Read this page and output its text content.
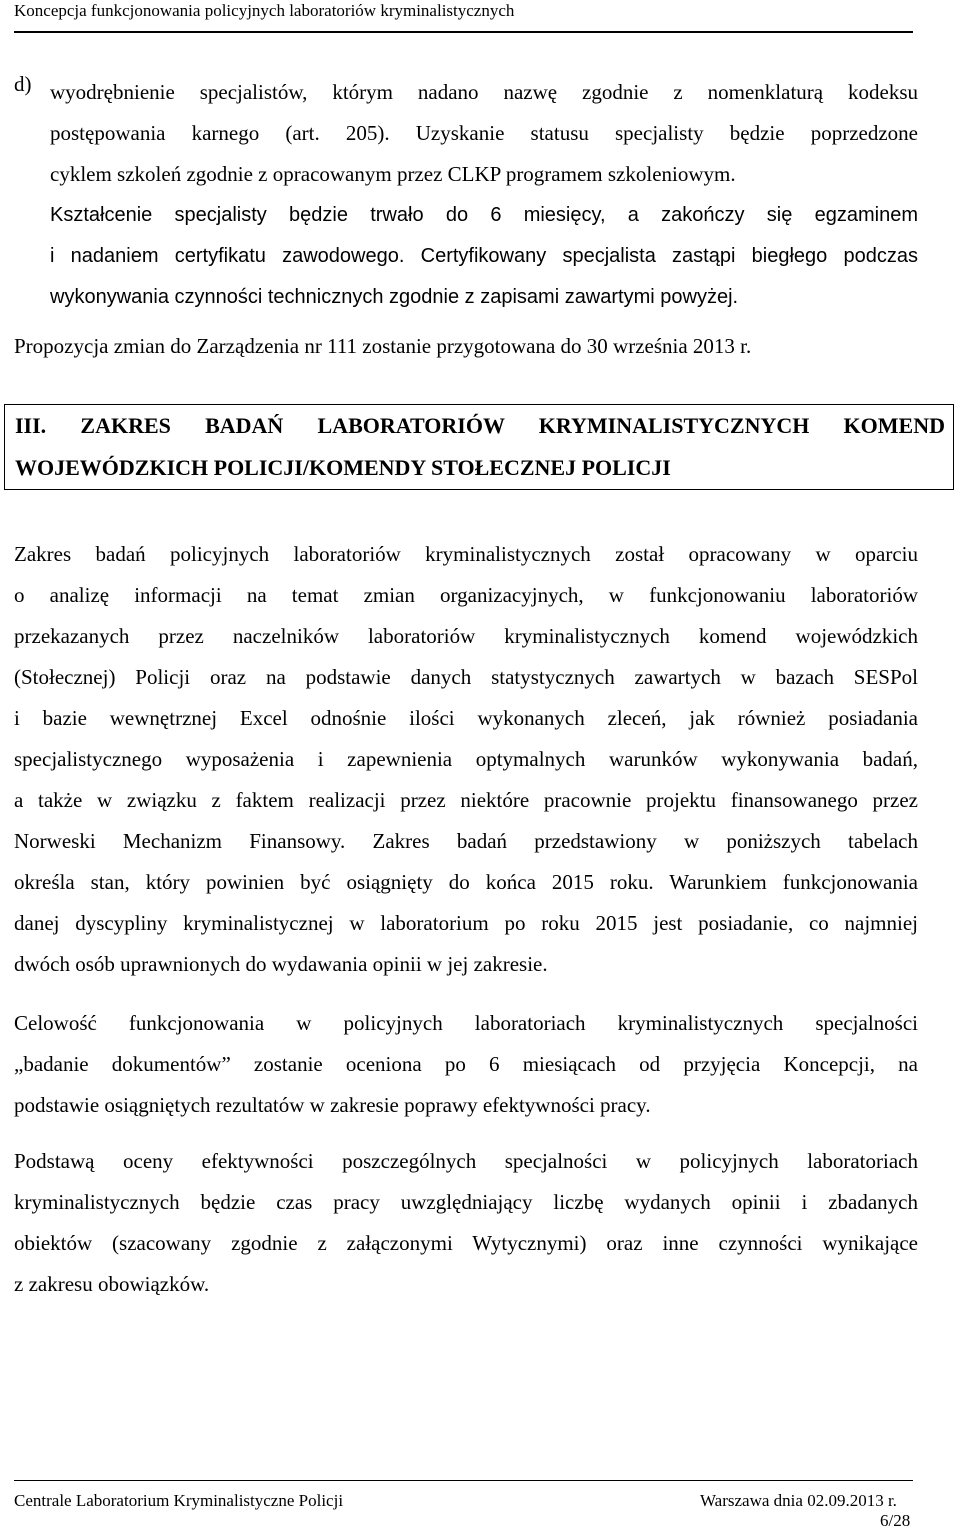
Koncepcja funkcjonowania policyjnych laboratoriów kryminalistycznych
d) wyodrębnienie specjalistów, którym nadano nazwę zgodnie z nomenklaturą kodeksu
postępowania karnego (art. 205). Uzyskanie statusu specjalisty będzie poprzedzone
cyklem szkoleń zgodnie z opracowanym przez CLKP programem szkoleniowym.
Kształcenie specjalisty będzie trwało do 6 miesięcy, a zakończy się egzaminem
i nadaniem certyfikatu zawodowego. Certyfikowany specjalista zastąpi biegłego podczas
wykonywania czynności technicznych zgodnie z zapisami zawartymi powyżej.
Propozycja zmian do Zarządzenia nr 111 zostanie przygotowana do 30 września 2013 r.
III. ZAKRES BADAŃ LABORATORIÓW KRYMINALISTYCZNYCH KOMEND
WOJEWÓDZKICH POLICJI/KOMENDY STOŁECZNEJ POLICJI
Zakres badań policyjnych laboratoriów kryminalistycznych został opracowany w oparciu
o analizę informacji na temat zmian organizacyjnych, w funkcjonowaniu laboratoriów
przekazanych przez naczelników laboratoriów kryminalistycznych komend wojewódzkich
(Stołecznej) Policji oraz na podstawie danych statystycznych zawartych w bazach SESPol
i bazie wewnętrznej Excel odnośnie ilości wykonanych zleceń, jak również posiadania
specjalistycznego wyposażenia i zapewnienia optymalnych warunków wykonywania badań,
a także w związku z faktem realizacji przez niektóre pracownie projektu finansowanego przez
Norweski Mechanizm Finansowy. Zakres badań przedstawiony w poniższych tabelach
określa stan, który powinien być osiągnięty do końca 2015 roku. Warunkiem funkcjonowania
danej dyscypliny kryminalistycznej w laboratorium po roku 2015 jest posiadanie, co najmniej
dwóch osób uprawnionych do wydawania opinii w jej zakresie.
Celowość funkcjonowania w policyjnych laboratoriach kryminalistycznych specjalności
„badanie dokumentów” zostanie oceniona po 6 miesiącach od przyjęcia Koncepcji, na
podstawie osiągniętych rezultatów w zakresie poprawy efektywności pracy.
Podstawą oceny efektywności poszczególnych specjalności w policyjnych laboratoriach
kryminalistycznych będzie czas pracy uwzględniający liczbę wydanych opinii i zbadanych
obiektów (szacowany zgodnie z załączonymi Wytycznymi) oraz inne czynności wynikające
z zakresu obowiązków.
Centrale Laboratorium Kryminalistyczne Policji	Warszawa dnia 02.09.2013 r.
6/28
